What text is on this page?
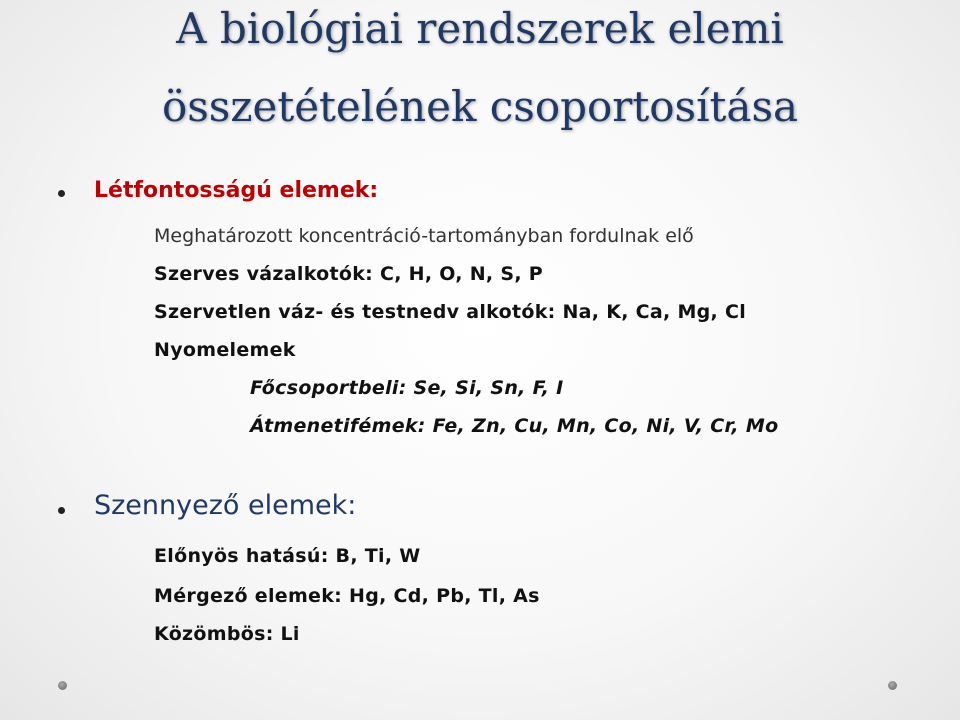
A biológiai rendszerek elemi
összetételének csoportosítása
Létfontosságú elemek:
Meghatározott koncentráció-tartományban fordulnak elő
Szerves vázalkotók: C, H, O, N, S, P
Szervetlen váz- és testnedv alkotók: Na, K, Ca, Mg, Cl
Nyomelemek
Főcsoportbeli: Se, Si, Sn, F, I
Átmenetifémek: Fe, Zn, Cu, Mn, Co, Ni, V, Cr, Mo
Szennyező elemek:
Előnyös hatású: B, Ti, W
Mérgező elemek: Hg, Cd, Pb, Tl, As
Közömbös: Li
